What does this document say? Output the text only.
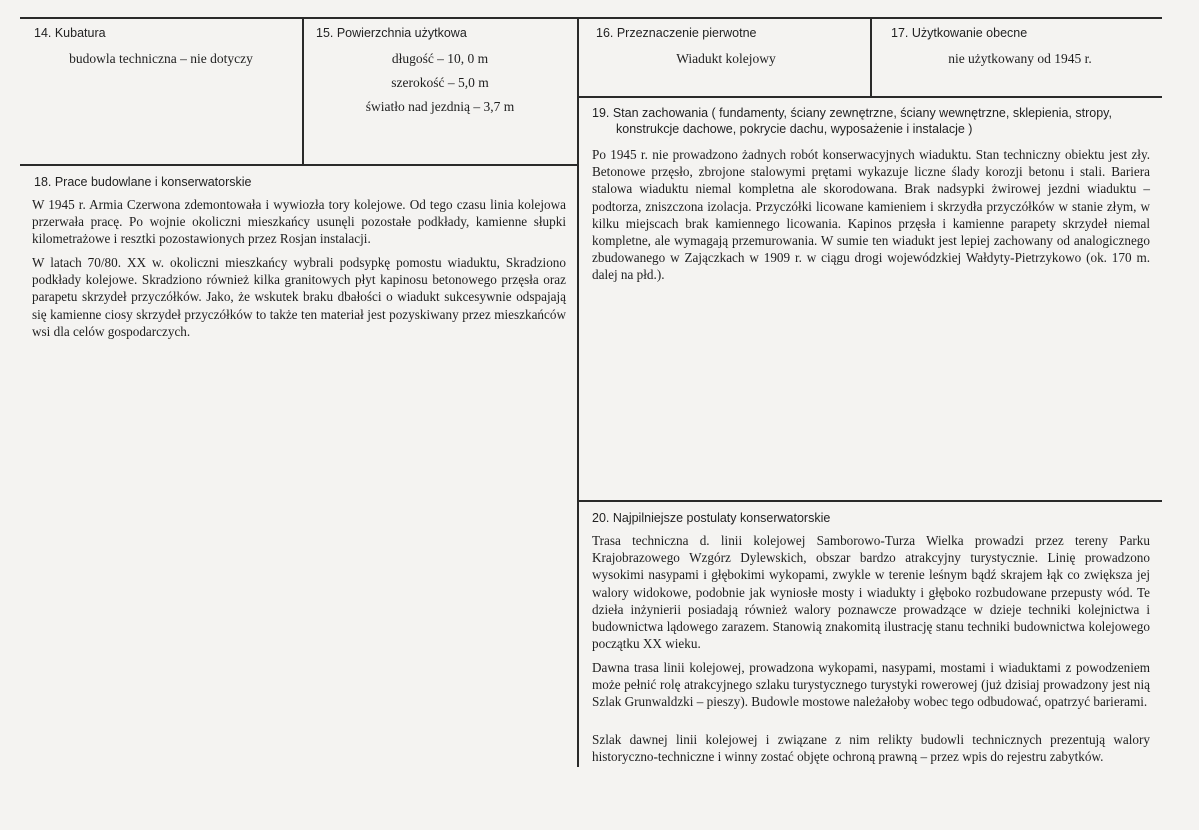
14. Kubatura
budowla techniczna – nie dotyczy
15. Powierzchnia użytkowa
długość – 10, 0 m
szerokość – 5,0 m
światło nad jezdnią – 3,7 m
16. Przeznaczenie pierwotne
Wiadukt kolejowy
17. Użytkowanie obecne
nie użytkowany od 1945 r.
18. Prace budowlane i konserwatorskie

W 1945 r. Armia Czerwona zdemontowała i wywiozła tory kolejowe. Od tego czasu linia kolejowa przerwała pracę. Po wojnie okoliczni mieszkańcy usunęli pozostałe podkłady, kamienne słupki kilometrażowe i resztki pozostawionych przez Rosjan instalacji.

W latach 70/80. XX w. okoliczni mieszkańcy wybrali podsypkę pomostu wiaduktu, Skradziono podkłady kolejowe. Skradziono również kilka granitowych płyt kapinosu betonowego przęsła oraz parapetu skrzydeł przyczółków. Jako, że wskutek braku dbałości o wiadukt sukcesywnie odspajają się kamienne ciosy skrzydeł przyczółków to także ten materiał jest pozyskiwany przez mieszkańców wsi dla celów gospodarczych.

19. Stan zachowania ( fundamenty, ściany zewnętrzne, ściany wewnętrzne, sklepienia, stropy,
konstrukcje dachowe, pokrycie dachu, wyposażenie i instalacje )

Po 1945 r. nie prowadzono żadnych robót konserwacyjnych wiaduktu. Stan techniczny obiektu jest zły. Betonowe przęsło, zbrojone stalowymi prętami wykazuje liczne ślady korozji betonu i stali. Bariera stalowa wiaduktu niemal kompletna ale skorodowana. Brak nadsypki żwirowej jezdni wiaduktu – podtorza, zniszczona izolacja. Przyczółki licowane kamieniem i skrzydła przyczółków w stanie złym, w kilku miejscach brak kamiennego licowania. Kapinos przęsła i kamienne parapety skrzydeł niemal kompletne, ale wymagają przemurowania. W sumie ten wiadukt jest lepiej zachowany od analogicznego zbudowanego w Zajączkach w 1909 r. w ciągu drogi wojewódzkiej Wałdyty-Pietrzykowo (ok. 170 m. dalej na płd.).

20. Najpilniejsze postulaty konserwatorskie

Trasa techniczna d. linii kolejowej Samborowo-Turza Wielka prowadzi przez tereny Parku Krajobrazowego Wzgórz Dylewskich, obszar bardzo atrakcyjny turystycznie. Linię prowadzono wysokimi nasypami i głębokimi wykopami, zwykle w terenie leśnym bądź skrajem łąk co zwiększa jej walory widokowe, podobnie jak wyniosłe mosty i wiadukty i głęboko rozbudowane przepusty wód. Te dzieła inżynierii posiadają również walory poznawcze prowadzące w dzieje techniki kolejnictwa i budownictwa lądowego zarazem. Stanowią znakomitą ilustrację stanu techniki budownictwa kolejowego początku XX wieku.

Dawna trasa linii kolejowej, prowadzona wykopami, nasypami, mostami i wiaduktami z powodzeniem może pełnić rolę atrakcyjnego szlaku turystycznego turystyki rowerowej (już dzisiaj prowadzony jest nią Szlak Grunwaldzki – pieszy). Budowle mostowe należałoby wobec tego odbudować, opatrzyć barierami.

Szlak dawnej linii kolejowej i związane z nim relikty budowli technicznych prezentują walory historyczno-techniczne i winny zostać objęte ochroną prawną – przez wpis do rejestru zabytków.
